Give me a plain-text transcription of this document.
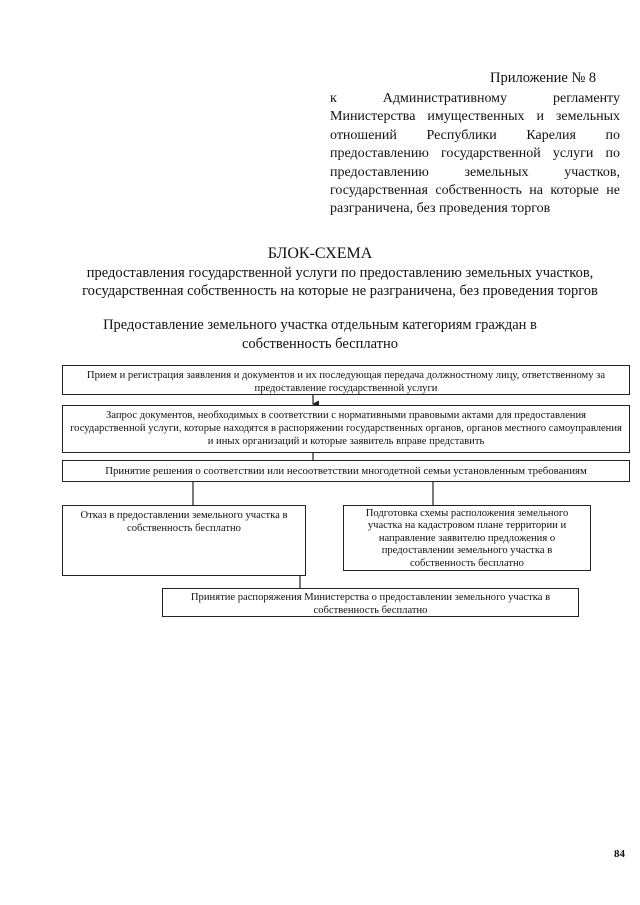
Приложение № 8
к Административному регламенту Министерства имущественных и земельных отношений Республики Карелия по предоставлению государственной услуги по предоставлению земельных участков, государственная собственность на которые не разграничена, без проведения торгов
БЛОК-СХЕМА
предоставления государственной услуги по предоставлению земельных участков, государственная собственность на которые не разграничена, без проведения торгов
Предоставление земельного участка отдельным категориям граждан в собственность бесплатно
Прием и регистрация заявления и документов и их последующая передача должностному лицу, ответственному за предоставление государственной услуги
Запрос документов, необходимых в соответствии с нормативными правовыми актами для предоставления государственной услуги, которые находятся в распоряжении государственных органов, органов местного самоуправления и иных организаций и которые заявитель вправе представить
Принятие решения о соответствии или несоответствии многодетной семьи установленным требованиям
Отказ в предоставлении земельного участка в собственность бесплатно
Подготовка схемы расположения земельного участка на кадастровом плане территории и направление заявителю предложения о предоставлении земельного участка в собственность бесплатно
Принятие распоряжения Министерства о предоставлении земельного участка в собственность бесплатно
84
